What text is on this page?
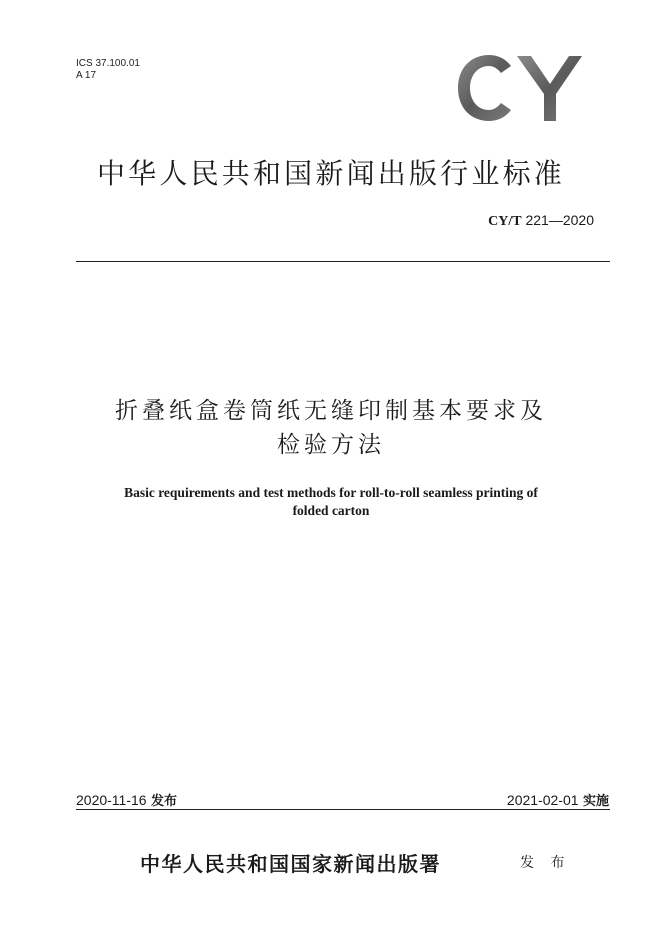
ICS 37.100.01
A 17
中华人民共和国新闻出版行业标准
CY/T 221—2020
折叠纸盒卷筒纸无缝印制基本要求及
检验方法
Basic requirements and test methods for roll-to-roll seamless printing of
folded carton
2020-11-16 发布	2021-02-01 实施
中华人民共和国国家新闻出版署	发 布
